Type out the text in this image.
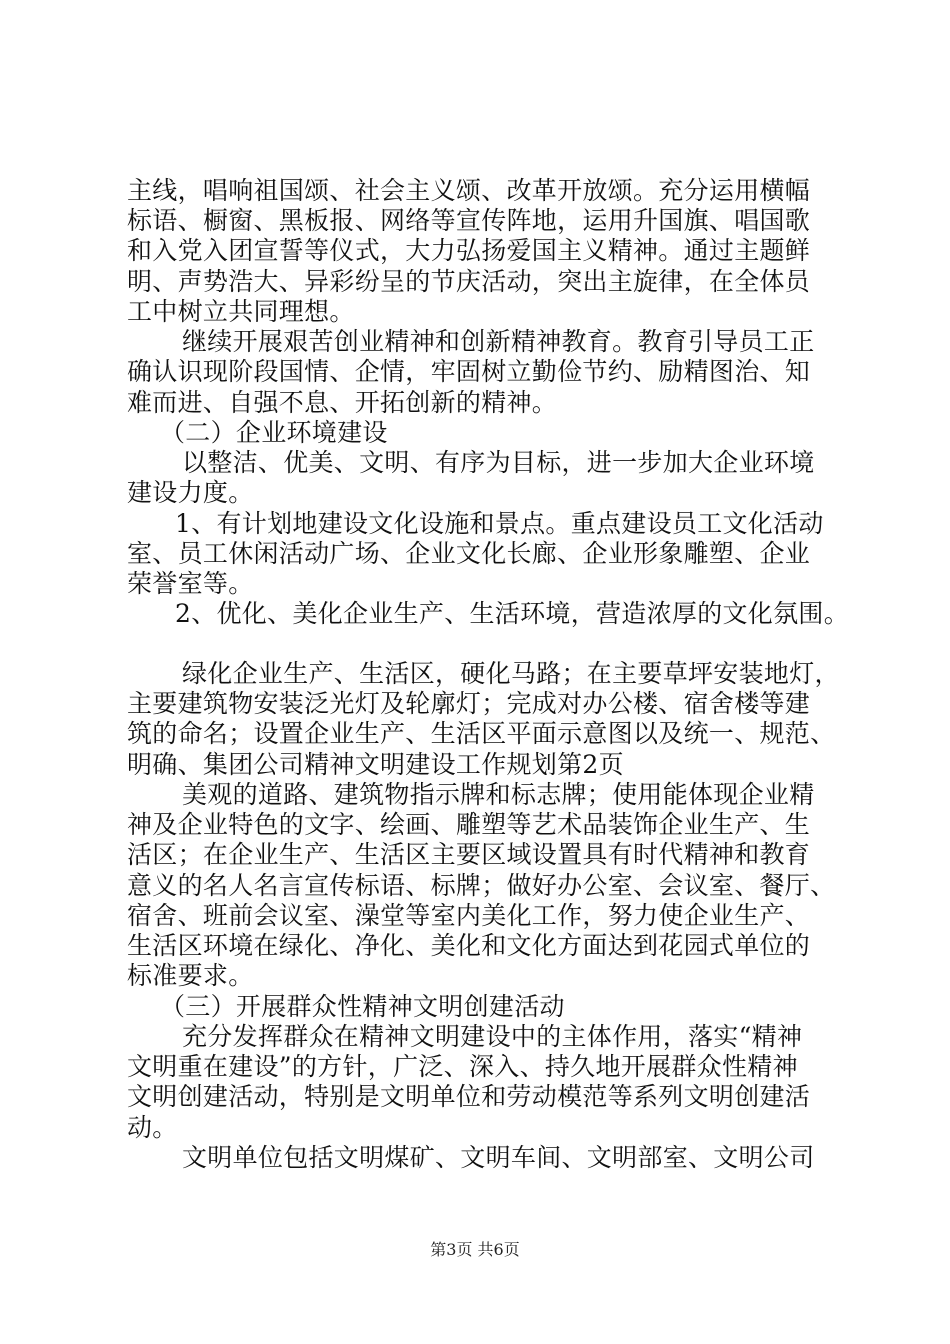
主线，唱响祖国颂、社会主义颂、改革开放颂。充分运用横幅
标语、橱窗、黑板报、网络等宣传阵地，运用升国旗、唱国歌
和入党入团宣誓等仪式，大力弘扬爱国主义精神。通过主题鲜
明、声势浩大、异彩纷呈的节庆活动，突出主旋律，在全体员
工中树立共同理想。
继续开展艰苦创业精神和创新精神教育。教育引导员工正
确认识现阶段国情、企情，牢固树立勤俭节约、励精图治、知
难而进、自强不息、开拓创新的精神。
（二）企业环境建设
以整洁、优美、文明、有序为目标，进一步加大企业环境
建设力度。
1、有计划地建设文化设施和景点。重点建设员工文化活动
室、员工休闲活动广场、企业文化长廊、企业形象雕塑、企业
荣誉室等。
2、优化、美化企业生产、生活环境，营造浓厚的文化氛围。
绿化企业生产、生活区，硬化马路；在主要草坪安装地灯，
主要建筑物安装泛光灯及轮廓灯；完成对办公楼、宿舍楼等建
筑的命名；设置企业生产、生活区平面示意图以及统一、规范、
明确、集团公司精神文明建设工作规划第2页
美观的道路、建筑物指示牌和标志牌；使用能体现企业精
神及企业特色的文字、绘画、雕塑等艺术品装饰企业生产、生
活区；在企业生产、生活区主要区域设置具有时代精神和教育
意义的名人名言宣传标语、标牌；做好办公室、会议室、餐厅、
宿舍、班前会议室、澡堂等室内美化工作，努力使企业生产、
生活区环境在绿化、净化、美化和文化方面达到花园式单位的
标准要求。
（三）开展群众性精神文明创建活动
充分发挥群众在精神文明建设中的主体作用，落实“精神
文明重在建设”的方针，广泛、深入、持久地开展群众性精神
文明创建活动，特别是文明单位和劳动模范等系列文明创建活
动。
文明单位包括文明煤矿、文明车间、文明部室、文明公司
第3页 共6页
